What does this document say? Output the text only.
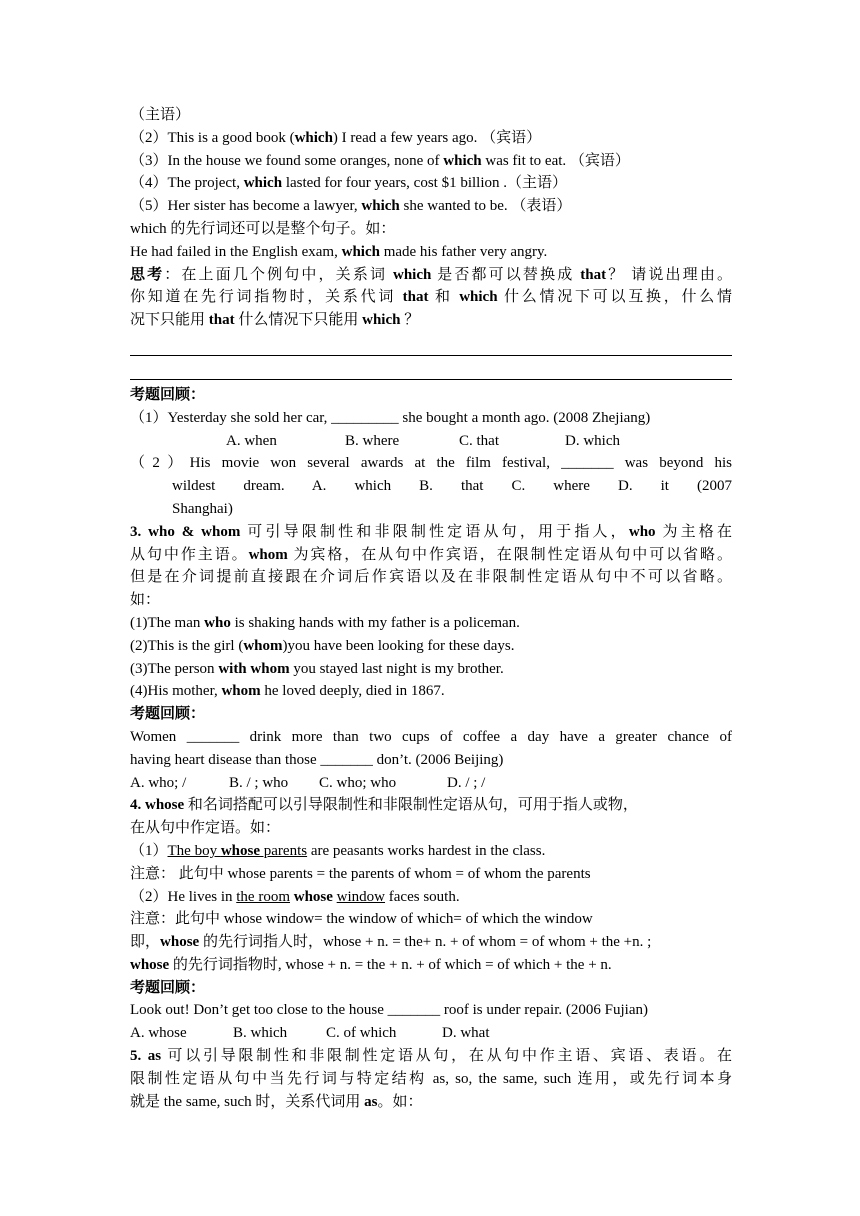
（主语）
（2）This is a good book (which) I read a few years ago. （宾语）
（3）In the house we found some oranges, none of which was fit to eat. （宾语）
（4）The project, which lasted for four years, cost $1 billion .（主语）
（5）Her sister has become a lawyer, which she wanted to be. （表语）
which 的先行词还可以是整个句子。如：
He had failed in the English exam, which made his father very angry.
思考：在上面几个例句中，关系词 which 是否都可以替换成 that？ 请说出理由。
你知道在先行词指物时，关系代词 that 和 which 什么情况下可以互换，什么情
况下只能用 that 什么情况下只能用 which ？
考题回顾：
（1）Yesterday she sold her car, _________ she bought a month ago. (2008 Zhejiang)
A. when	B. where	C. that	D. which
（2）His movie won several awards at the film festival, _______ was beyond his
wildest dream. A. which B. that C. where D. it (2007
Shanghai)
3. who & whom 可引导限制性和非限制性定语从句，用于指人，who 为主格在
从句中作主语。whom 为宾格，在从句中作宾语，在限制性定语从句中可以省略。
但是在介词提前直接跟在介词后作宾语以及在非限制性定语从句中不可以省略。
如：
(1)The man who is shaking hands with my father is a policeman.
(2)This is the girl (whom)you have been looking for these days.
(3)The person with whom you stayed last night is my brother.
(4)His mother, whom he loved deeply, died in 1867.
考题回顾：
Women _______ drink more than two cups of coffee a day have a greater chance of
having heart disease than those _______ don’t. (2006 Beijing)
A. who; /	B. / ; who C. who; who	D. / ; /
4. whose 和名词搭配可以引导限制性和非限制性定语从句，可用于指人或物，
在从句中作定语。如：
（1）The boy whose parents are peasants works hardest in the class.
注意： 此句中 whose parents = the parents of whom = of whom the parents
（2）He lives in the room whose window faces south.
注意：此句中 whose window= the window of which= of which the window
即，whose 的先行词指人时，whose + n. = the+ n. + of whom = of whom + the +n. ;
whose 的先行词指物时, whose + n. = the + n. + of which = of which + the + n.
考题回顾：
Look out! Don’t get too close to the house _______ roof is under repair. (2006 Fujian)
A. whose	B. which	C. of which	D. what
5. as 可以引导限制性和非限制性定语从句，在从句中作主语、宾语、表语。在
限制性定语从句中当先行词与特定结构 as, so, the same, such 连用，或先行词本身
就是 the same, such 时，关系代词用 as。如：
